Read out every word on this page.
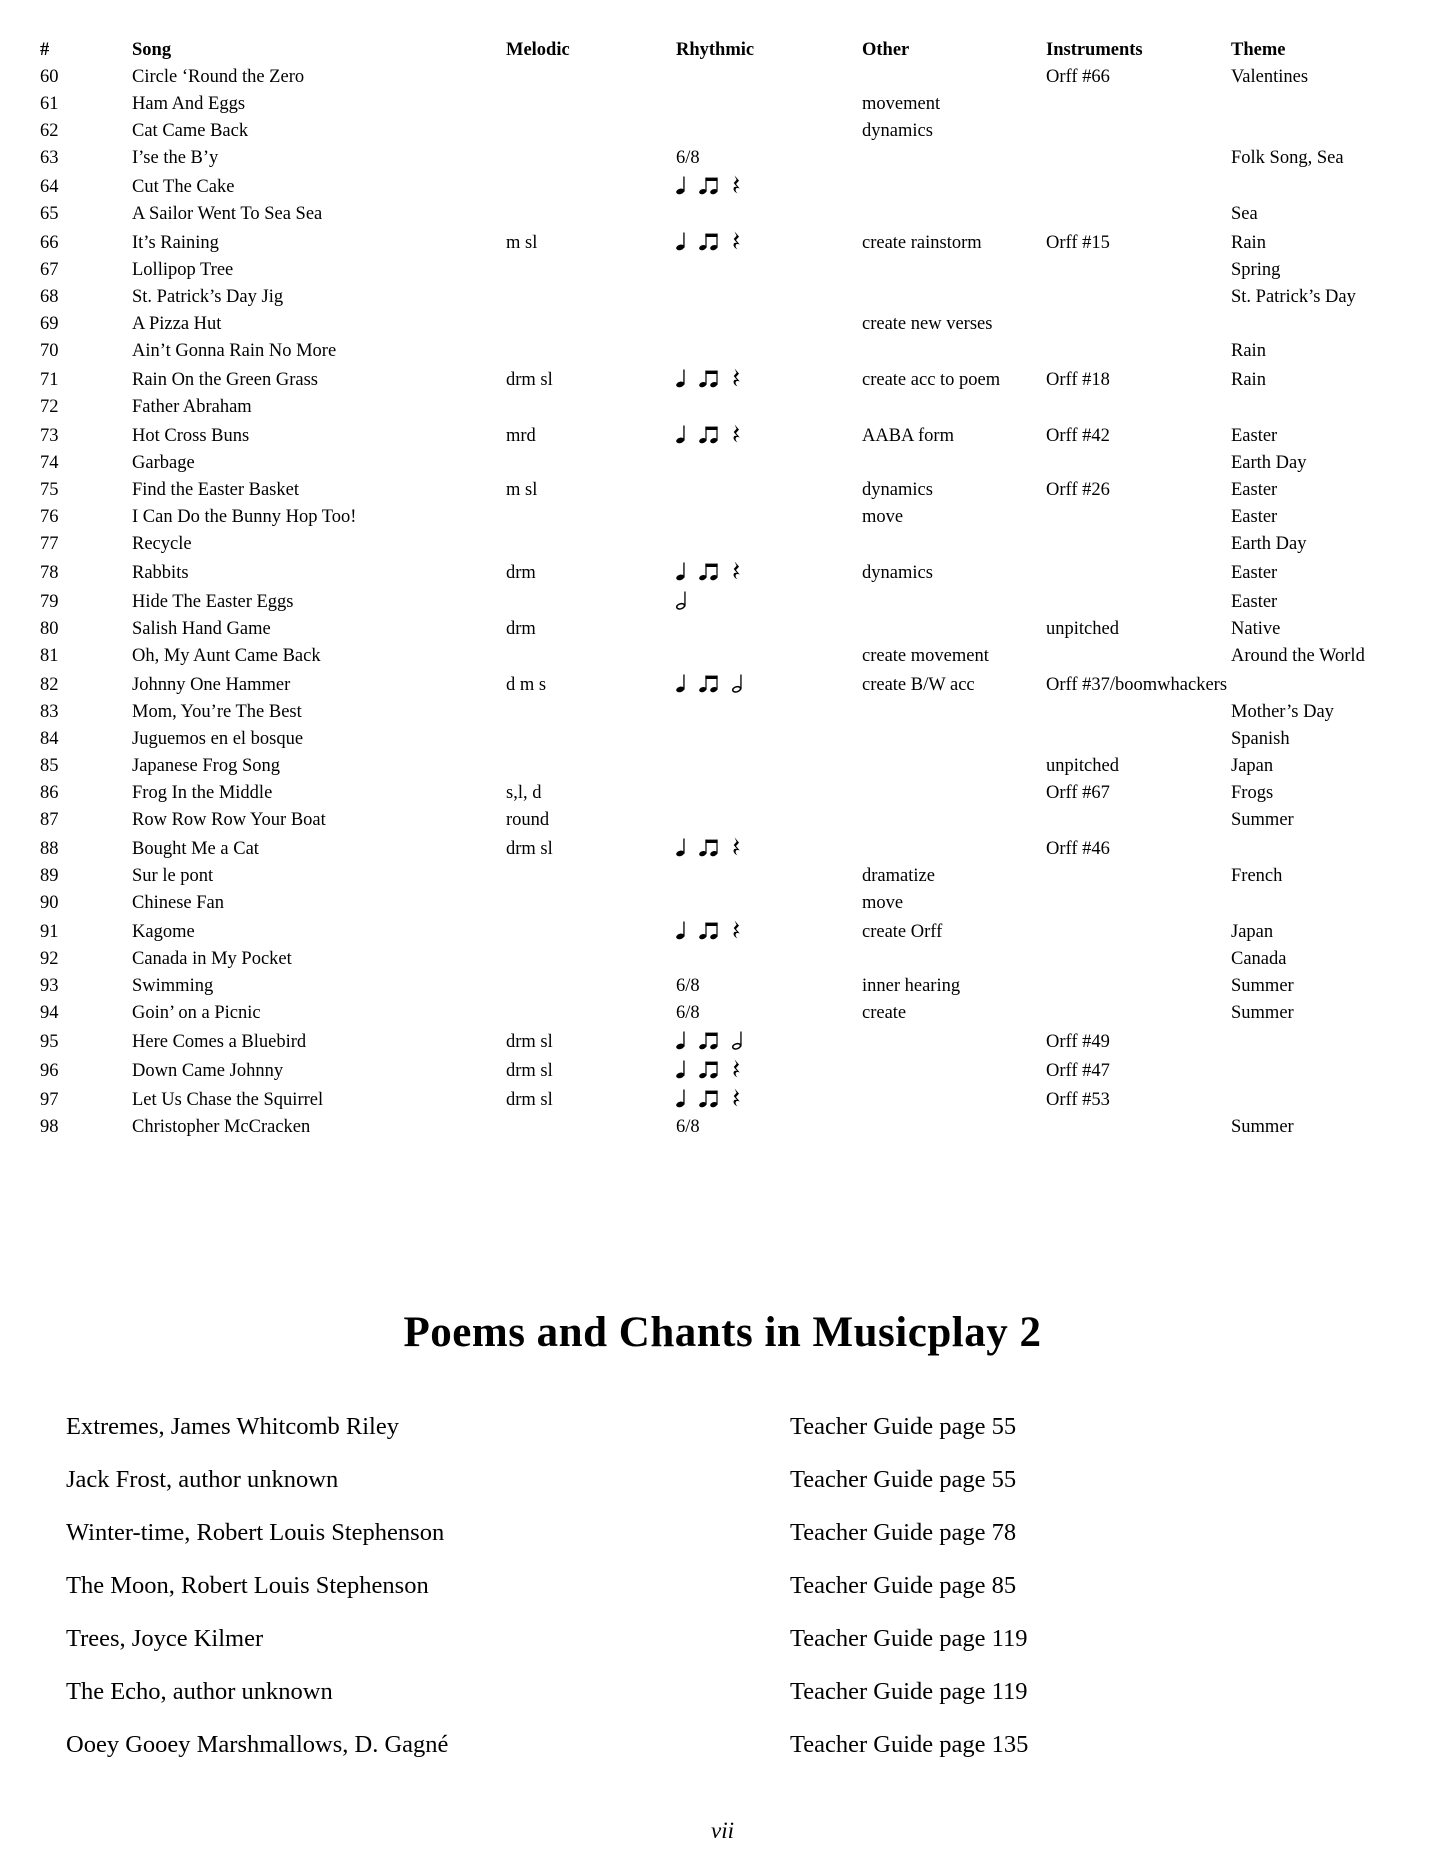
#	Song	Melodic	Rhythmic	Other	Instruments	Theme
60	Circle ‘Round the Zero				Orff #66	Valentines
61	Ham And Eggs			movement		
62	Cat Came Back			dynamics		
63	I’se the B’y		6/8			Folk Song, Sea
64	Cut The Cake		

65	A Sailor Went To Sea Sea					Sea
66	It’s Raining	m sl		create rainstorm	Orff #15	Rain
67	Lollipop Tree					Spring
68	St. Patrick’s Day Jig					St. Patrick’s Day
69	A Pizza Hut			create new verses		
70	Ain’t Gonna Rain No More					Rain
71	Rain On the Green Grass	drm sl		create acc to poem	Orff #18	Rain
72	Father Abraham					
73	Hot Cross Buns	mrd		AABA form	Orff #42	Easter
74	Garbage					Earth Day
75	Find the Easter Basket	m sl		dynamics	Orff #26	Easter
76	I Can Do the Bunny Hop Too!			move		Easter
77	Recycle					Earth Day
78	Rabbits	drm		dynamics		Easter
79	Hide The Easter Eggs					Easter
80	Salish Hand Game	drm			unpitched	Native
81	Oh, My Aunt Came Back			create movement		Around the World
82	Johnny One Hammer	d m s		create B/W acc	Orff #37/boomwhackers	
83	Mom, You’re The Best					Mother’s Day
84	Juguemos en el bosque					Spanish
85	Japanese Frog Song				unpitched	Japan
86	Frog In the Middle	s,l, d			Orff #67	Frogs
87	Row Row Row Your Boat	round				Summer
88	Bought Me a Cat	drm sl			Orff #46	
89	Sur le pont			dramatize		French
90	Chinese Fan			move		
91	Kagome			create Orff		Japan
92	Canada in My Pocket					Canada
93	Swimming		6/8	inner hearing		Summer
94	Goin’ on a Picnic		6/8	create		Summer
95	Here Comes a Bluebird	drm sl			Orff #49	
96	Down Came Johnny	drm sl			Orff #47	
97	Let Us Chase the Squirrel	drm sl			Orff #53	
98	Christopher McCracken		6/8			Summer
Poems and Chants in Musicplay 2
Extremes, James Whitcomb Riley	Teacher Guide page 55
Jack Frost, author unknown	Teacher Guide page 55
Winter-time, Robert Louis Stephenson	Teacher Guide page 78
The Moon, Robert Louis Stephenson	Teacher Guide page 85
Trees, Joyce Kilmer	Teacher Guide page 119
The Echo, author unknown	Teacher Guide page 119
Ooey Gooey Marshmallows, D. Gagné	Teacher Guide page 135
vii
